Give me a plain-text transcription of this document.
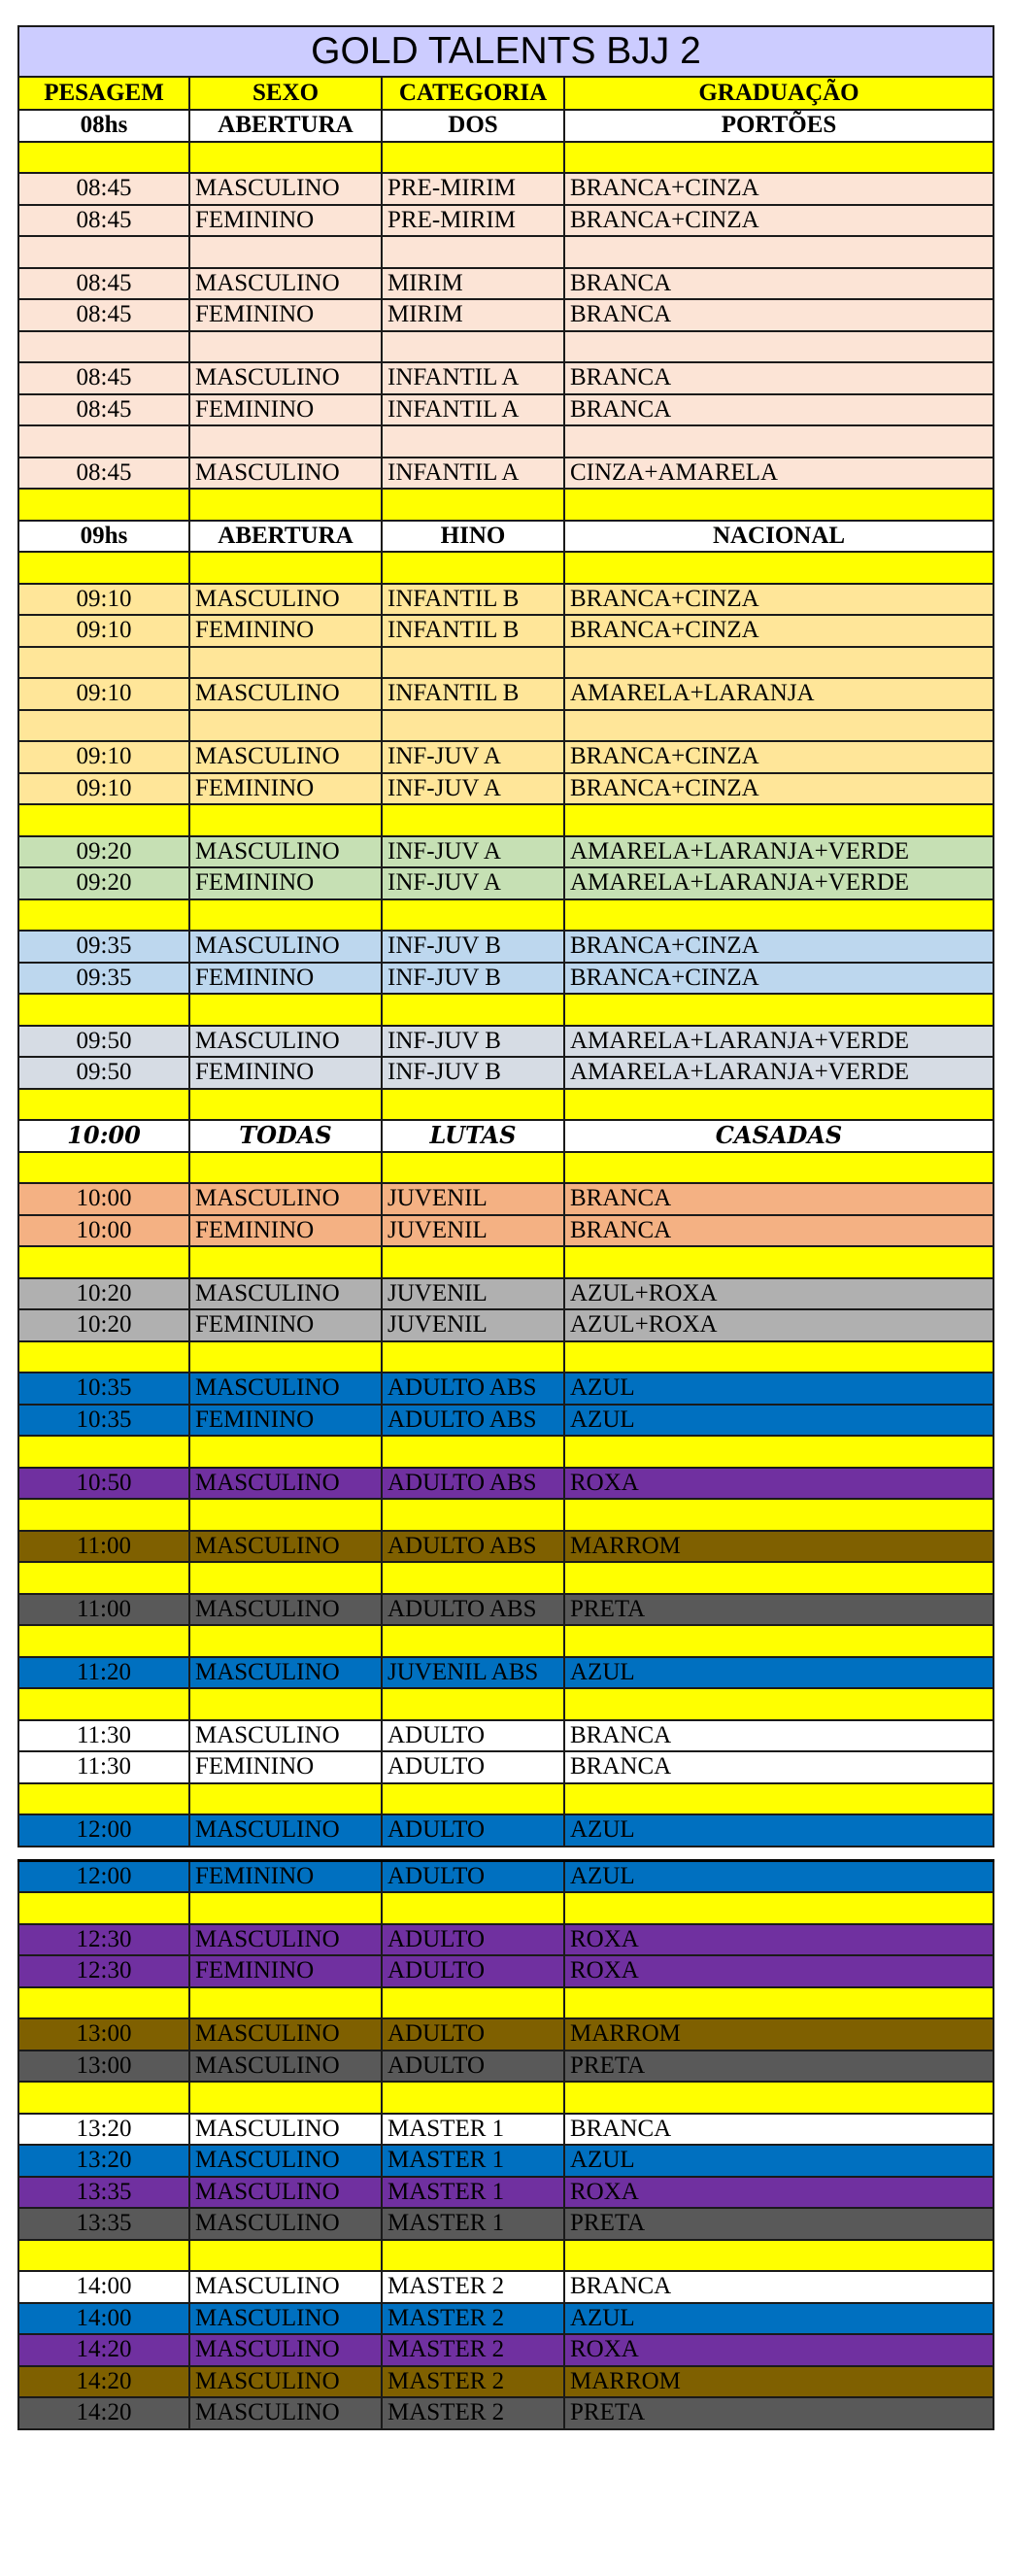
GOLD TALENTS BJJ 2			
PESAGEM	SEXO	CATEGORIA	GRADUAÇÃO
08hs	ABERTURA	DOS	PORTÕES

08:45	MASCULINO	PRE-MIRIM	BRANCA+CINZA
08:45	FEMININO	PRE-MIRIM	BRANCA+CINZA

08:45	MASCULINO	MIRIM	BRANCA
08:45	FEMININO	MIRIM	BRANCA

08:45	MASCULINO	INFANTIL A	BRANCA
08:45	FEMININO	INFANTIL A	BRANCA

08:45	MASCULINO	INFANTIL A	CINZA+AMARELA

09hs	ABERTURA	HINO	NACIONAL

09:10	MASCULINO	INFANTIL B	BRANCA+CINZA
09:10	FEMININO	INFANTIL B	BRANCA+CINZA

09:10	MASCULINO	INFANTIL B	AMARELA+LARANJA

09:10	MASCULINO	INF-JUV A	BRANCA+CINZA
09:10	FEMININO	INF-JUV A	BRANCA+CINZA

09:20	MASCULINO	INF-JUV A	AMARELA+LARANJA+VERDE
09:20	FEMININO	INF-JUV A	AMARELA+LARANJA+VERDE

09:35	MASCULINO	INF-JUV B	BRANCA+CINZA
09:35	FEMININO	INF-JUV B	BRANCA+CINZA

09:50	MASCULINO	INF-JUV B	AMARELA+LARANJA+VERDE
09:50	FEMININO	INF-JUV B	AMARELA+LARANJA+VERDE

10:00	TODAS	LUTAS	CASADAS

10:00	MASCULINO	JUVENIL	BRANCA
10:00	FEMININO	JUVENIL	BRANCA

10:20	MASCULINO	JUVENIL	AZUL+ROXA
10:20	FEMININO	JUVENIL	AZUL+ROXA

10:35	MASCULINO	ADULTO ABS	AZUL
10:35	FEMININO	ADULTO ABS	AZUL

10:50	MASCULINO	ADULTO ABS	ROXA

11:00	MASCULINO	ADULTO ABS	MARROM

11:00	MASCULINO	ADULTO ABS	PRETA

11:20	MASCULINO	JUVENIL ABS	AZUL

11:30	MASCULINO	ADULTO	BRANCA
11:30	FEMININO	ADULTO	BRANCA

12:00	MASCULINO	ADULTO	AZUL

12:00	FEMININO	ADULTO	AZUL

12:30	MASCULINO	ADULTO	ROXA
12:30	FEMININO	ADULTO	ROXA

13:00	MASCULINO	ADULTO	MARROM
13:00	MASCULINO	ADULTO	PRETA

13:20	MASCULINO	MASTER 1	BRANCA
13:20	MASCULINO	MASTER 1	AZUL
13:35	MASCULINO	MASTER 1	ROXA
13:35	MASCULINO	MASTER 1	PRETA

14:00	MASCULINO	MASTER 2	BRANCA
14:00	MASCULINO	MASTER 2	AZUL
14:20	MASCULINO	MASTER 2	ROXA
14:20	MASCULINO	MASTER 2	MARROM
14:20	MASCULINO	MASTER 2	PRETA
